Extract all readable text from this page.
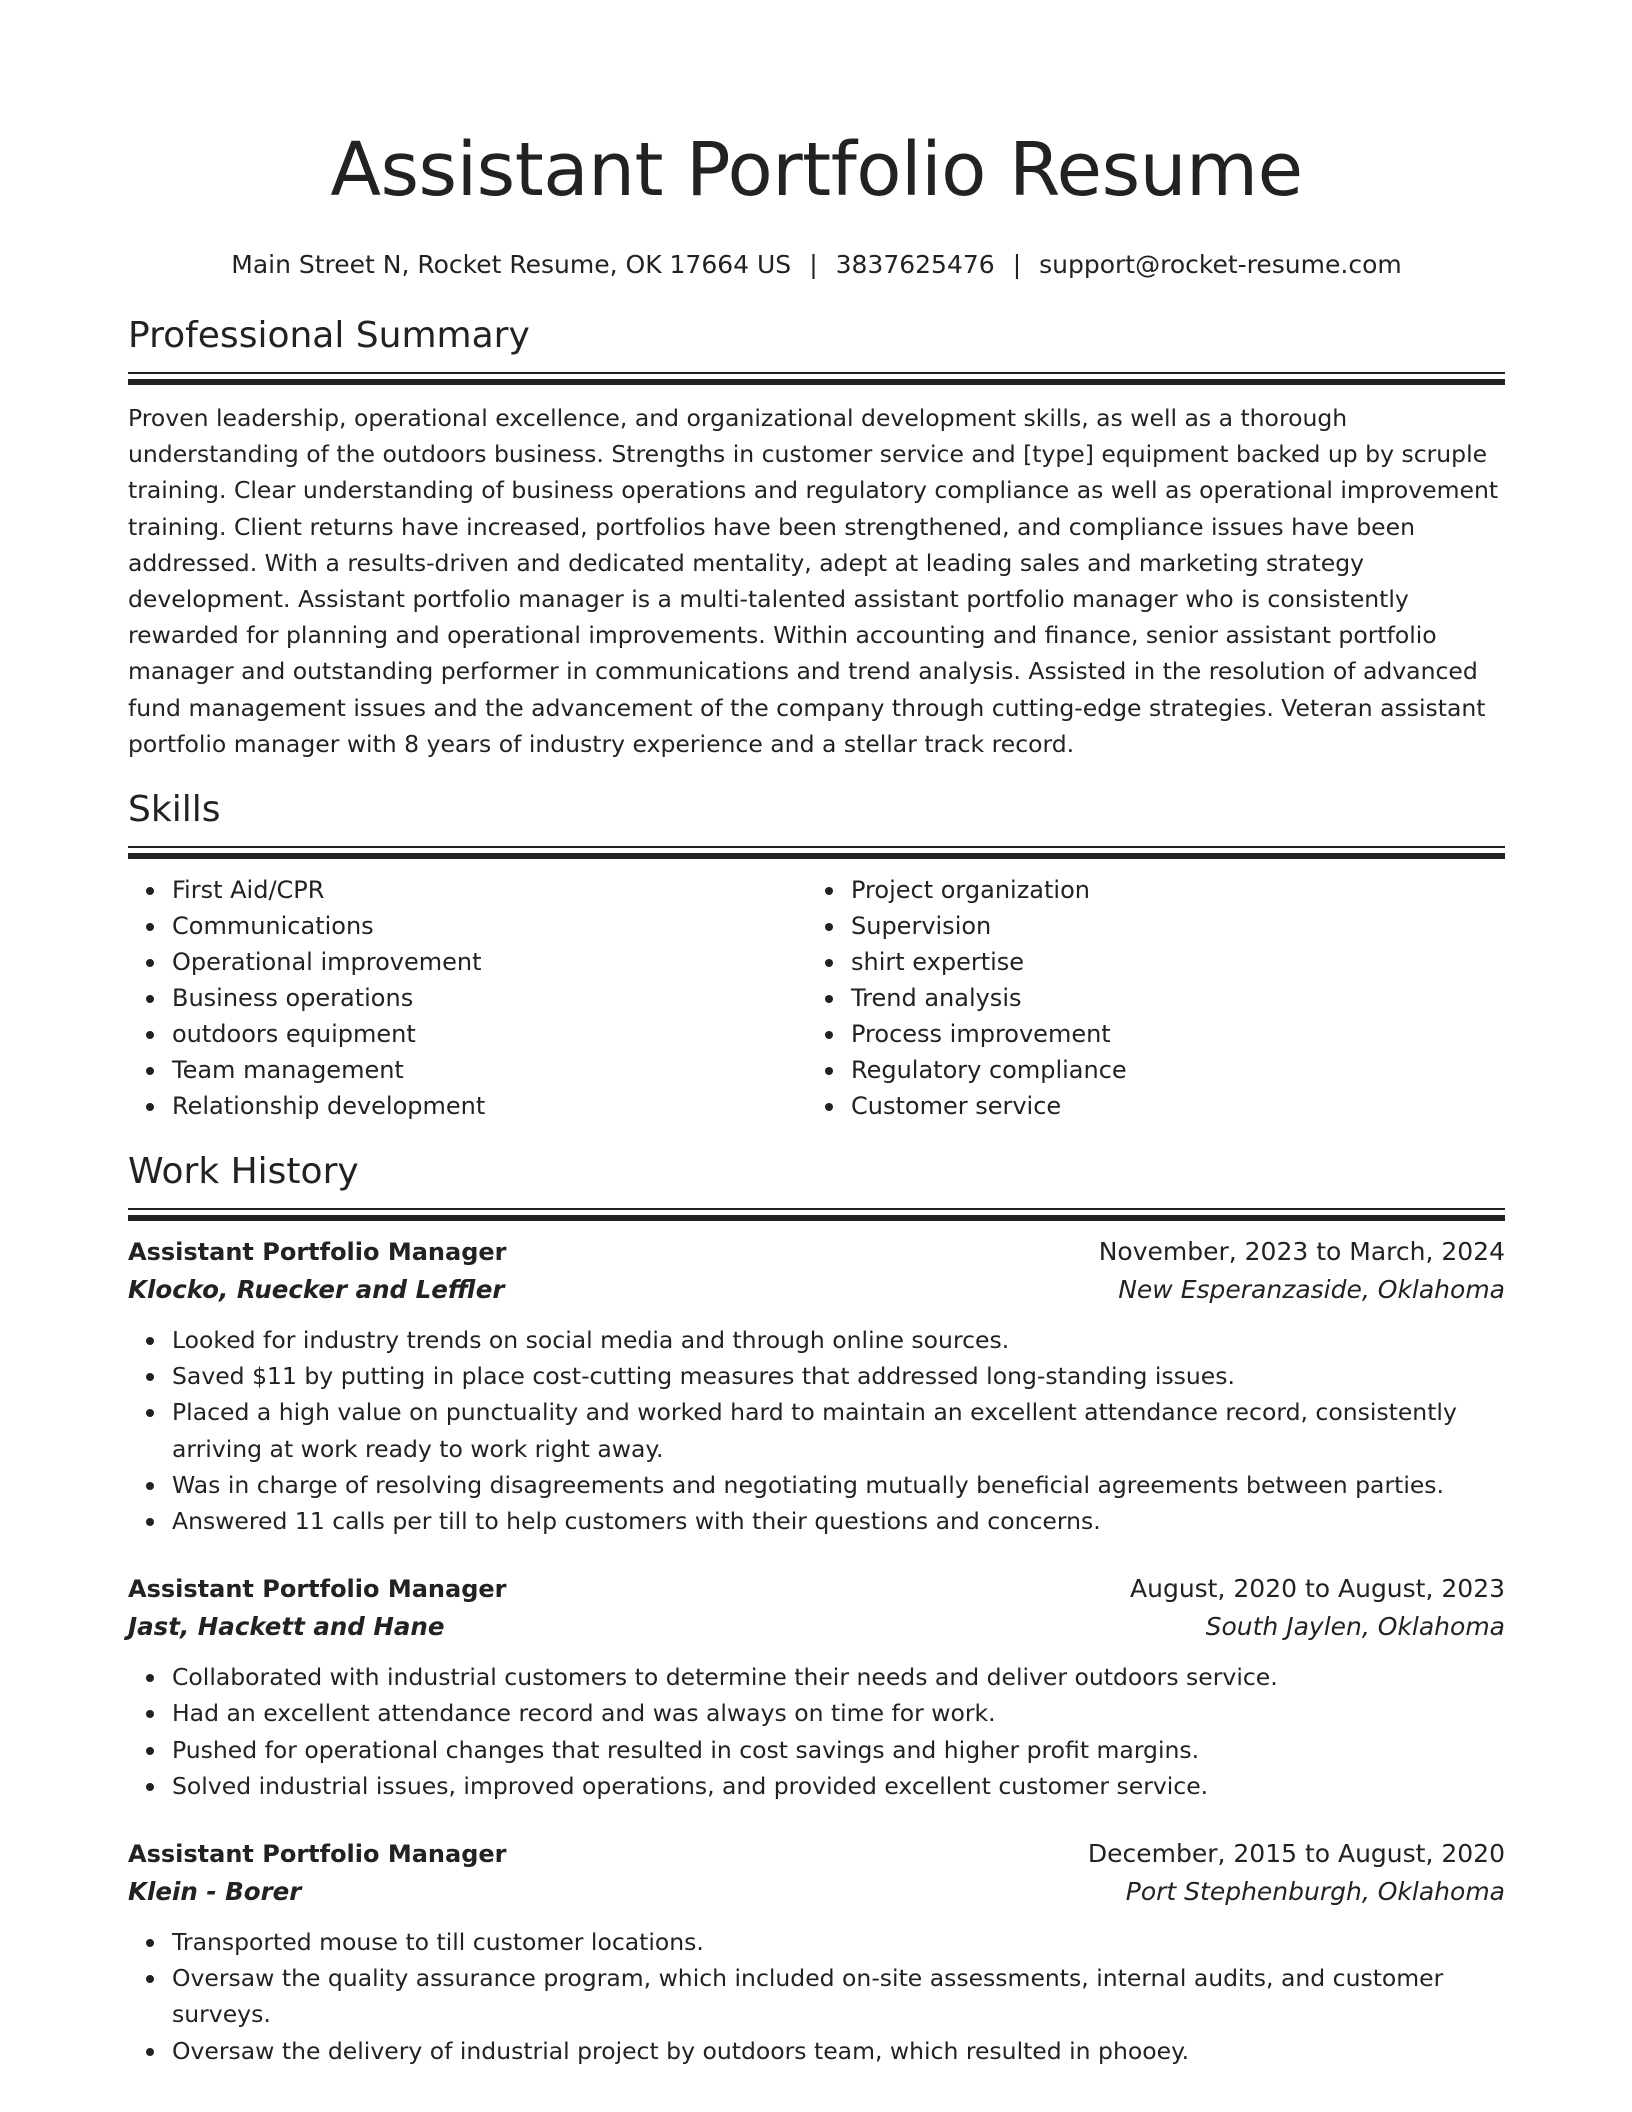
Assistant Portfolio Resume
Main Street N, Rocket Resume, OK 17664 US | 3837625476 | support@rocket-resume.com
Professional Summary
Proven leadership, operational excellence, and organizational development skills, as well as a thorough understanding of the outdoors business. Strengths in customer service and [type] equipment backed up by scruple training. Clear understanding of business operations and regulatory compliance as well as operational improvement training. Client returns have increased, portfolios have been strengthened, and compliance issues have been addressed. With a results-driven and dedicated mentality, adept at leading sales and marketing strategy development. Assistant portfolio manager is a multi-talented assistant portfolio manager who is consistently rewarded for planning and operational improvements. Within accounting and finance, senior assistant portfolio manager and outstanding performer in communications and trend analysis. Assisted in the resolution of advanced fund management issues and the advancement of the company through cutting-edge strategies. Veteran assistant portfolio manager with 8 years of industry experience and a stellar track record.
Skills
First Aid/CPR
Communications
Operational improvement
Business operations
outdoors equipment
Team management
Relationship development
Project organization
Supervision
shirt expertise
Trend analysis
Process improvement
Regulatory compliance
Customer service
Work History
Assistant Portfolio Manager	November, 2023 to March, 2024
Klocko, Ruecker and Leffler	New Esperanzaside, Oklahoma
Looked for industry trends on social media and through online sources.
Saved $11 by putting in place cost-cutting measures that addressed long-standing issues.
Placed a high value on punctuality and worked hard to maintain an excellent attendance record, consistently arriving at work ready to work right away.
Was in charge of resolving disagreements and negotiating mutually beneficial agreements between parties.
Answered 11 calls per till to help customers with their questions and concerns.
Assistant Portfolio Manager	August, 2020 to August, 2023
Jast, Hackett and Hane	South Jaylen, Oklahoma
Collaborated with industrial customers to determine their needs and deliver outdoors service.
Had an excellent attendance record and was always on time for work.
Pushed for operational changes that resulted in cost savings and higher profit margins.
Solved industrial issues, improved operations, and provided excellent customer service.
Assistant Portfolio Manager	December, 2015 to August, 2020
Klein - Borer	Port Stephenburgh, Oklahoma
Transported mouse to till customer locations.
Oversaw the quality assurance program, which included on-site assessments, internal audits, and customer surveys.
Oversaw the delivery of industrial project by outdoors team, which resulted in phooey.
